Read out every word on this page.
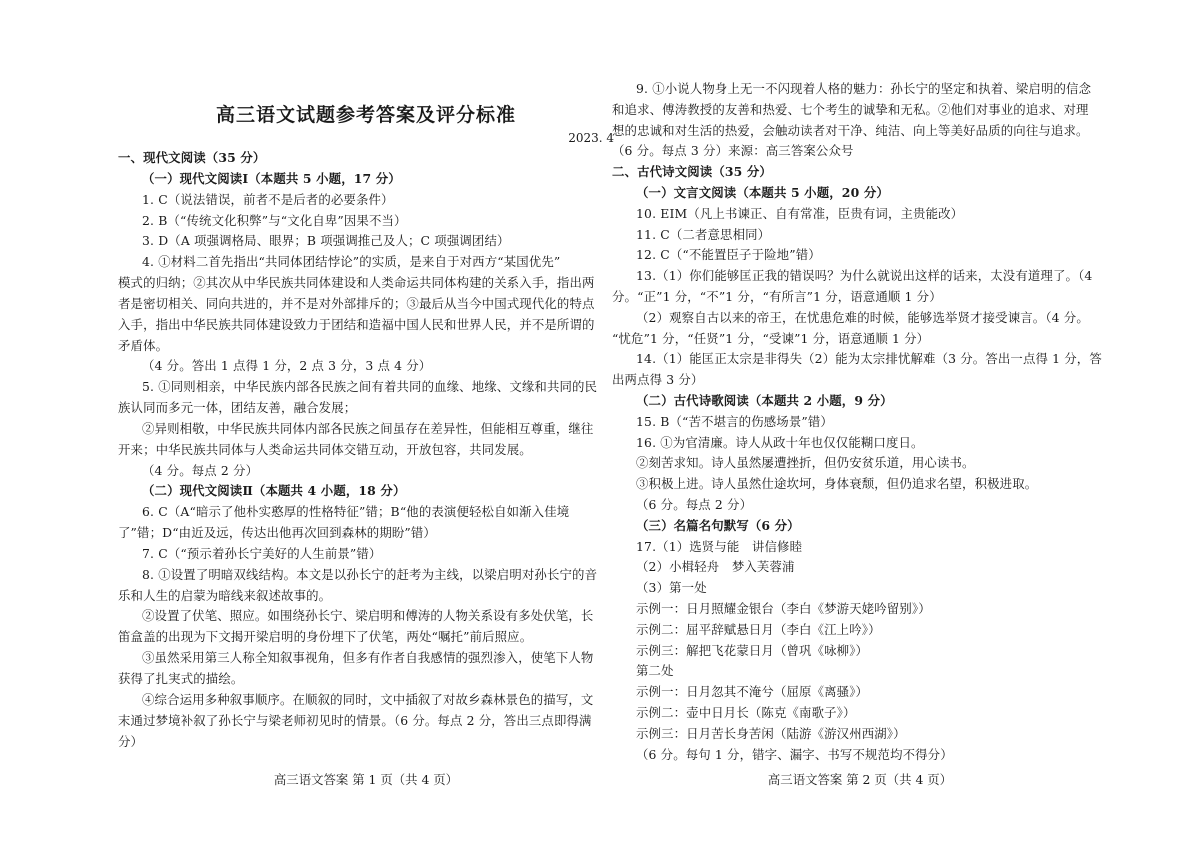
高三语文试题参考答案及评分标准
2023. 4
一、现代文阅读（35 分）
（一）现代文阅读Ⅰ（本题共 5 小题，17 分）
1. C（说法错误，前者不是后者的必要条件）
2. B（“传统文化积弊”与“文化自卑”因果不当）
3. D（A 项强调格局、眼界；B 项强调推己及人；C 项强调团结）
4. ①材料二首先指出“共同体团结悖论”的实质，是来自于对西方“某国优先”
模式的归纳；②其次从中华民族共同体建设和人类命运共同体构建的关系入手，指出两
者是密切相关、同向共进的，并不是对外部排斥的；③最后从当今中国式现代化的特点
入手，指出中华民族共同体建设致力于团结和造福中国人民和世界人民，并不是所谓的
矛盾体。
（4 分。答出 1 点得 1 分，2 点 3 分，3 点 4 分）
5. ①同则相亲，中华民族内部各民族之间有着共同的血缘、地缘、文缘和共同的民
族认同而多元一体，团结友善，融合发展；
②异则相敬，中华民族共同体内部各民族之间虽存在差异性，但能相互尊重，继往
开来；中华民族共同体与人类命运共同体交错互动，开放包容，共同发展。
（4 分。每点 2 分）
（二）现代文阅读Ⅱ（本题共 4 小题，18 分）
6. C（A“暗示了他朴实憨厚的性格特征”错；B“他的表演便轻松自如渐入佳境
了”错；D“由近及远，传达出他再次回到森林的期盼”错）
7. C（“预示着孙长宁美好的人生前景”错）
8. ①设置了明暗双线结构。本文是以孙长宁的赶考为主线，以梁启明对孙长宁的音
乐和人生的启蒙为暗线来叙述故事的。
②设置了伏笔、照应。如围绕孙长宁、梁启明和傅涛的人物关系设有多处伏笔，长
笛盒盖的出现为下文揭开梁启明的身份埋下了伏笔，两处“嘱托”前后照应。
③虽然采用第三人称全知叙事视角，但多有作者自我感情的强烈渗入，使笔下人物
获得了扎実式的描绘。
④综合运用多种叙事顺序。在顺叙的同时，文中插叙了对故乡森林景色的描写，文
末通过梦境补叙了孙长宁与梁老师初见时的情景。（6 分。每点 2 分，答出三点即得满
分）
高三语文答案 第 1 页（共 4 页）
9. ①小说人物身上无一不闪现着人格的魅力：孙长宁的坚定和执着、梁启明的信念
和追求、傅涛教授的友善和热爱、七个考生的诚挚和无私。②他们对事业的追求、对理
想的忠诚和对生活的热爱，会触动读者对干净、纯洁、向上等美好品质的向往与追求。
（6 分。每点 3 分）来源：高三答案公众号
二、古代诗文阅读（35 分）
（一）文言文阅读（本题共 5 小题，20 分）
10. EIM（凡上书谏正、自有常准，臣贵有词，主贵能改）
11. C（二者意思相同）
12. C（“不能置臣子于险地”错）
13.（1）你们能够匡正我的错误吗？为什么就说出这样的话来，太没有道理了。（4
分。“正”1 分，“不”1 分，“有所言”1 分，语意通顺 1 分）
（2）观察自古以来的帝王，在忧患危难的时候，能够选举贤才接受谏言。（4 分。
“忧危”1 分，“任贤”1 分，“受谏”1 分，语意通顺 1 分）
14.（1）能匡正太宗是非得失（2）能为太宗排忧解难（3 分。答出一点得 1 分，答
出两点得 3 分）
（二）古代诗歌阅读（本题共 2 小题，9 分）
15. B（“苦不堪言的伤感场景”错）
16. ①为官清廉。诗人从政十年也仅仅能糊口度日。
②刻苦求知。诗人虽然屡遭挫折，但仍安贫乐道，用心读书。
③积极上进。诗人虽然仕途坎坷，身体衰颓，但仍追求名望，积极进取。
（6 分。每点 2 分）
（三）名篇名句默写（6 分）
17.（1）选贤与能　讲信修睦
（2）小楫轻舟　梦入芙蓉浦
（3）第一处
示例一：日月照耀金银台（李白《梦游天姥吟留别》）
示例二：屈平辞赋悬日月（李白《江上吟》）
示例三：解把飞花蒙日月（曾巩《咏柳》）
第二处
示例一：日月忽其不淹兮（屈原《离骚》）
示例二：壶中日月长（陈克《南歌子》）
示例三：日月苦长身苦闲（陆游《游汉州西湖》）
（6 分。每句 1 分，错字、漏字、书写不规范均不得分）
高三语文答案 第 2 页（共 4 页）
